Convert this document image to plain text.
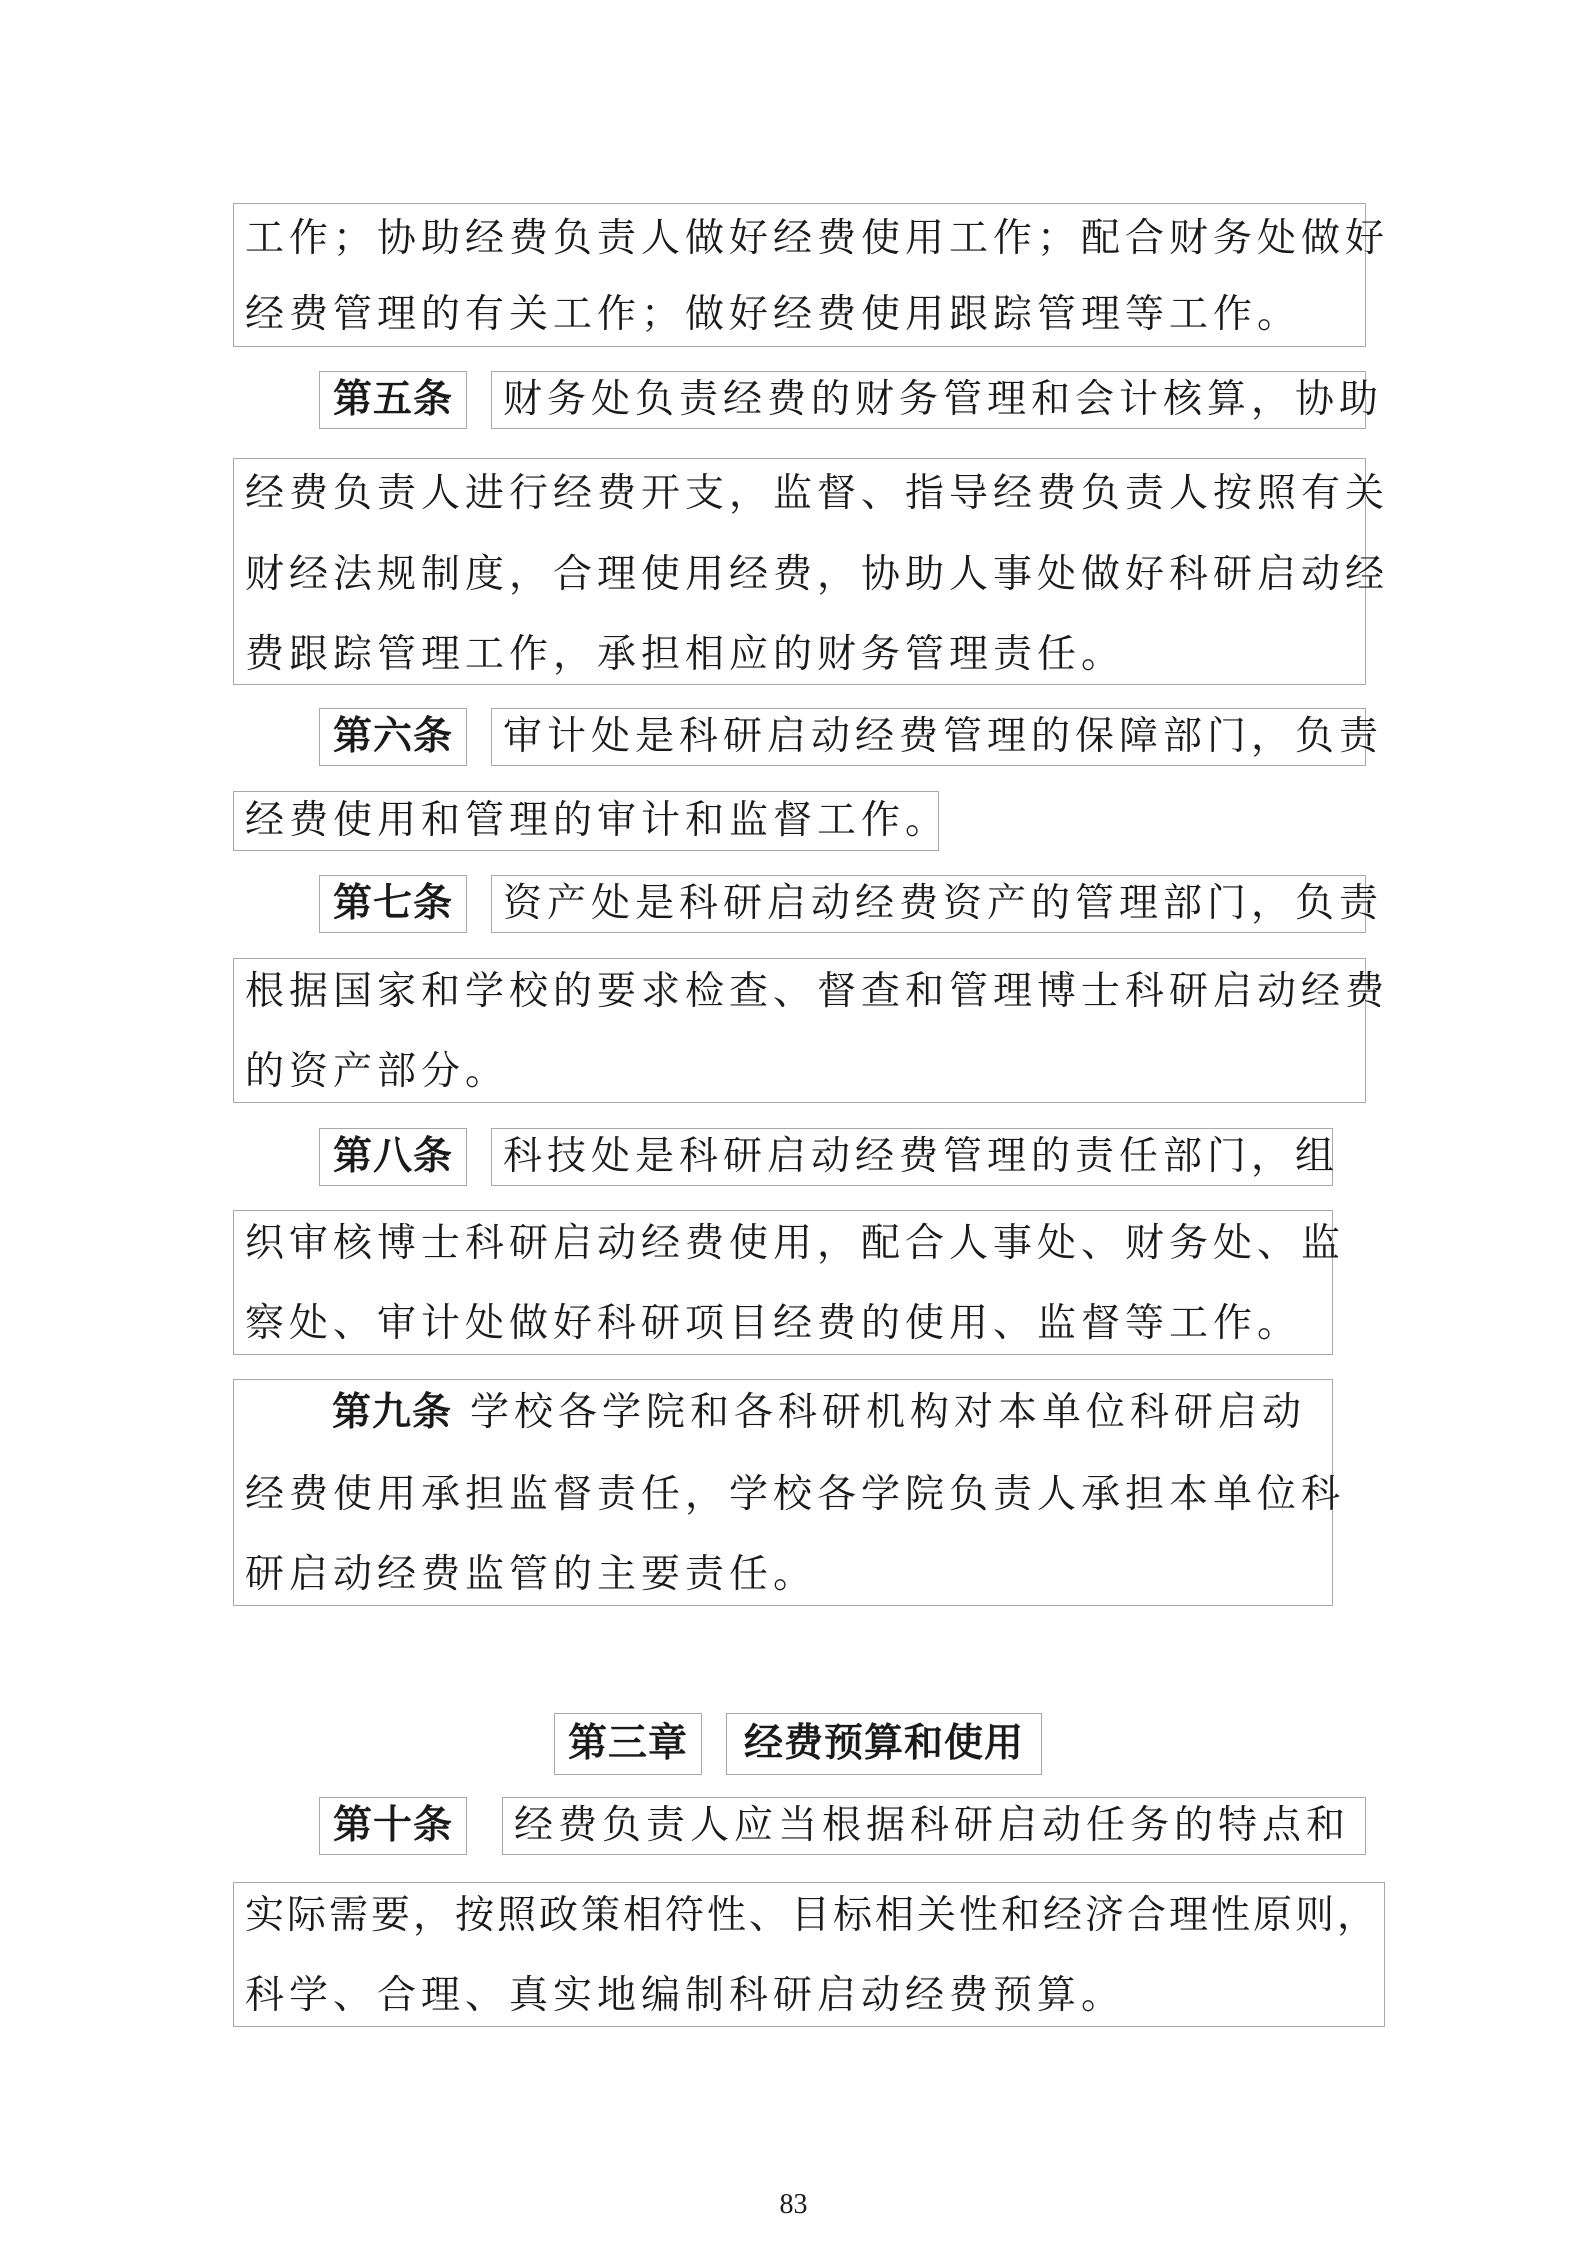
工作；协助经费负责人做好经费使用工作；配合财务处做好
经费管理的有关工作；做好经费使用跟踪管理等工作。
第五条	财务处负责经费的财务管理和会计核算，协助
经费负责人进行经费开支，监督、指导经费负责人按照有关
财经法规制度，合理使用经费，协助人事处做好科研启动经
费跟踪管理工作，承担相应的财务管理责任。
第六条	审计处是科研启动经费管理的保障部门，负责
经费使用和管理的审计和监督工作。
第七条	资产处是科研启动经费资产的管理部门，负责
根据国家和学校的要求检查、督查和管理博士科研启动经费
的资产部分。
第八条	科技处是科研启动经费管理的责任部门，组
织审核博士科研启动经费使用，配合人事处、财务处、监
察处、审计处做好科研项目经费的使用、监督等工作。
第九条 学校各学院和各科研机构对本单位科研启动
经费使用承担监督责任，学校各学院负责人承担本单位科
研启动经费监管的主要责任。
第三章	经费预算和使用
第十条	经费负责人应当根据科研启动任务的特点和
实际需要，按照政策相符性、目标相关性和经济合理性原则，
科学、合理、真实地编制科研启动经费预算。
83
